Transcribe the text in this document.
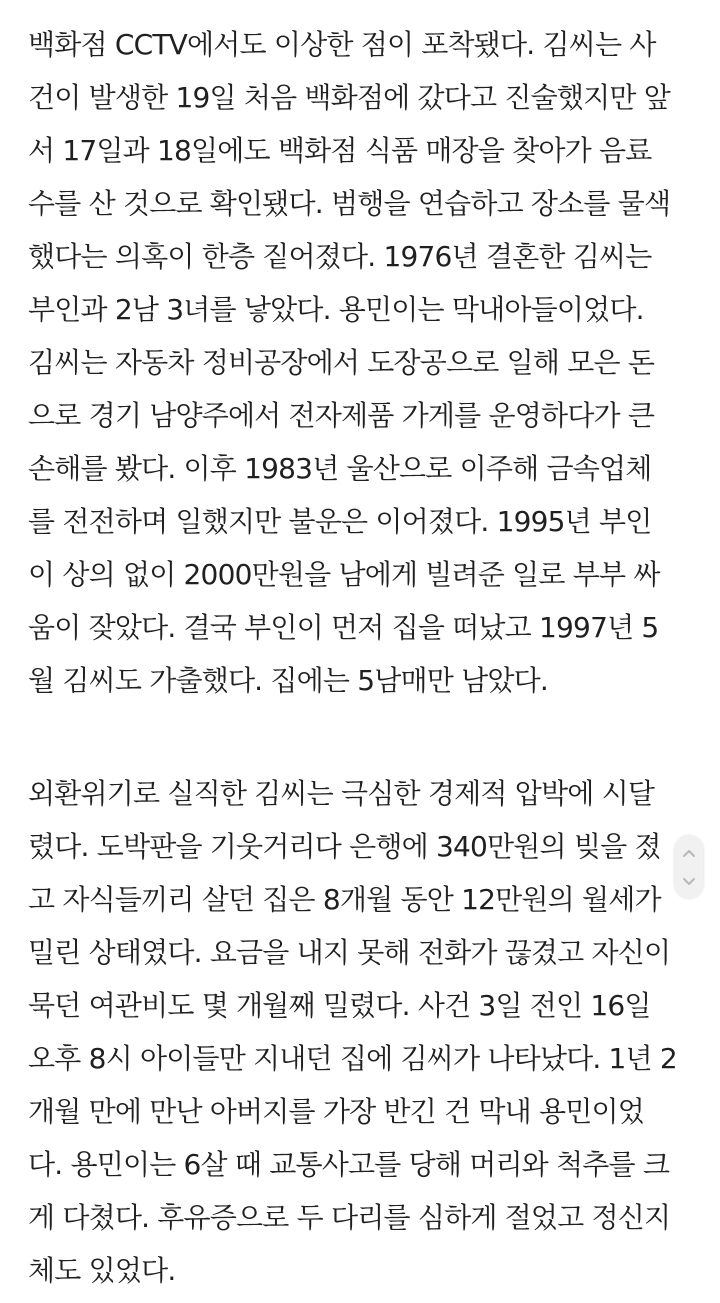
백화점 CCTV에서도 이상한 점이 포착됐다. 김씨는 사
건이 발생한 19일 처음 백화점에 갔다고 진술했지만 앞
서 17일과 18일에도 백화점 식품 매장을 찾아가 음료
수를 산 것으로 확인됐다. 범행을 연습하고 장소를 물색
했다는 의혹이 한층 짙어졌다. 1976년 결혼한 김씨는
부인과 2남 3녀를 낳았다. 용민이는 막내아들이었다.
김씨는 자동차 정비공장에서 도장공으로 일해 모은 돈
으로 경기 남양주에서 전자제품 가게를 운영하다가 큰
손해를 봤다. 이후 1983년 울산으로 이주해 금속업체
를 전전하며 일했지만 불운은 이어졌다. 1995년 부인
이 상의 없이 2000만원을 남에게 빌려준 일로 부부 싸
움이 잦았다. 결국 부인이 먼저 집을 떠났고 1997년 5
월 김씨도 가출했다. 집에는 5남매만 남았다.

외환위기로 실직한 김씨는 극심한 경제적 압박에 시달
렸다. 도박판을 기웃거리다 은행에 340만원의 빚을 졌
고 자식들끼리 살던 집은 8개월 동안 12만원의 월세가
밀린 상태였다. 요금을 내지 못해 전화가 끊겼고 자신이
묵던 여관비도 몇 개월째 밀렸다. 사건 3일 전인 16일
오후 8시 아이들만 지내던 집에 김씨가 나타났다. 1년 2
개월 만에 만난 아버지를 가장 반긴 건 막내 용민이었
다. 용민이는 6살 때 교통사고를 당해 머리와 척추를 크
게 다쳤다. 후유증으로 두 다리를 심하게 절었고 정신지
체도 있었다.
